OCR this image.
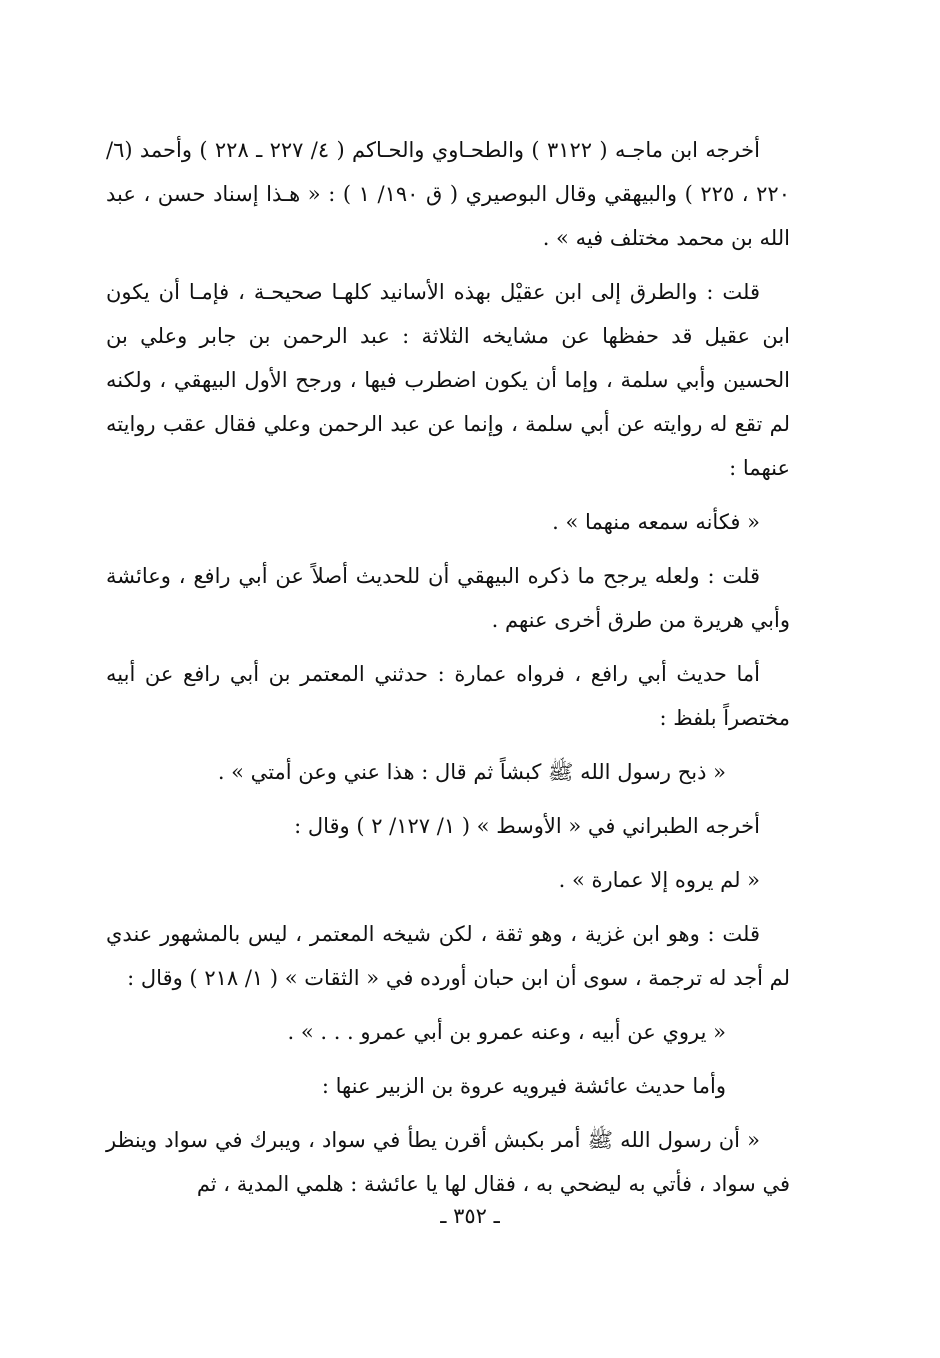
أخرجه ابن ماجـه ( ٣١٢٢ ) والطحـاوي والحـاكم ( ٤/ ٢٢٧ ـ ٢٢٨ ) وأحمد (٦/ ٢٢٠ ، ٢٢٥ ) والبيهقي وقال البوصيري ( ق ١٩٠/ ١ ) : « هـذا إسناد حسن ، عبد الله بن محمد مختلف فيه » .

قلت : والطرق إلى ابن عقيْل بهذه الأسانيد كلهـا صحيحـة ، فإمـا أن يكون ابن عقيل قد حفظها عن مشايخه الثلاثة : عبد الرحمن بن جابر وعلي بن الحسين وأبي سلمة ، وإما أن يكون اضطرب فيها ، ورجح الأول البيهقي ، ولكنه لم تقع له روايته عن أبي سلمة ، وإنما عن عبد الرحمن وعلي فقال عقب روايته عنهما :

« فكأنه سمعه منهما » .

قلت : ولعله يرجح ما ذكره البيهقي أن للحديث أصلاً عن أبي رافع ، وعائشة وأبي هريرة من طرق أخرى عنهم .

أما حديث أبي رافع ، فرواه عمارة : حدثني المعتمر بن أبي رافع عن أبيه مختصراً بلفظ :

« ذبح رسول الله ﷺ كبشاً ثم قال : هذا عني وعن أمتي » .

أخرجه الطبراني في « الأوسط » ( ١/ ١٢٧/ ٢ ) وقال :

« لم يروه إلا عمارة » .

قلت : وهو ابن غزية ، وهو ثقة ، لكن شيخه المعتمر ، ليس بالمشهور عندي لم أجد له ترجمة ، سوى أن ابن حبان أورده في « الثقات » ( ١/ ٢١٨ ) وقال :

« يروي عن أبيه ، وعنه عمرو بن أبي عمرو . . . » .

وأما حديث عائشة فيرويه عروة بن الزبير عنها :

« أن رسول الله ﷺ أمر بكبش أقرن يطأ في سواد ، ويبرك في سواد وينظر في سواد ، فأتي به ليضحي به ، فقال لها يا عائشة : هلمي المدية ، ثم

ـ ٣٥٢ ـ
